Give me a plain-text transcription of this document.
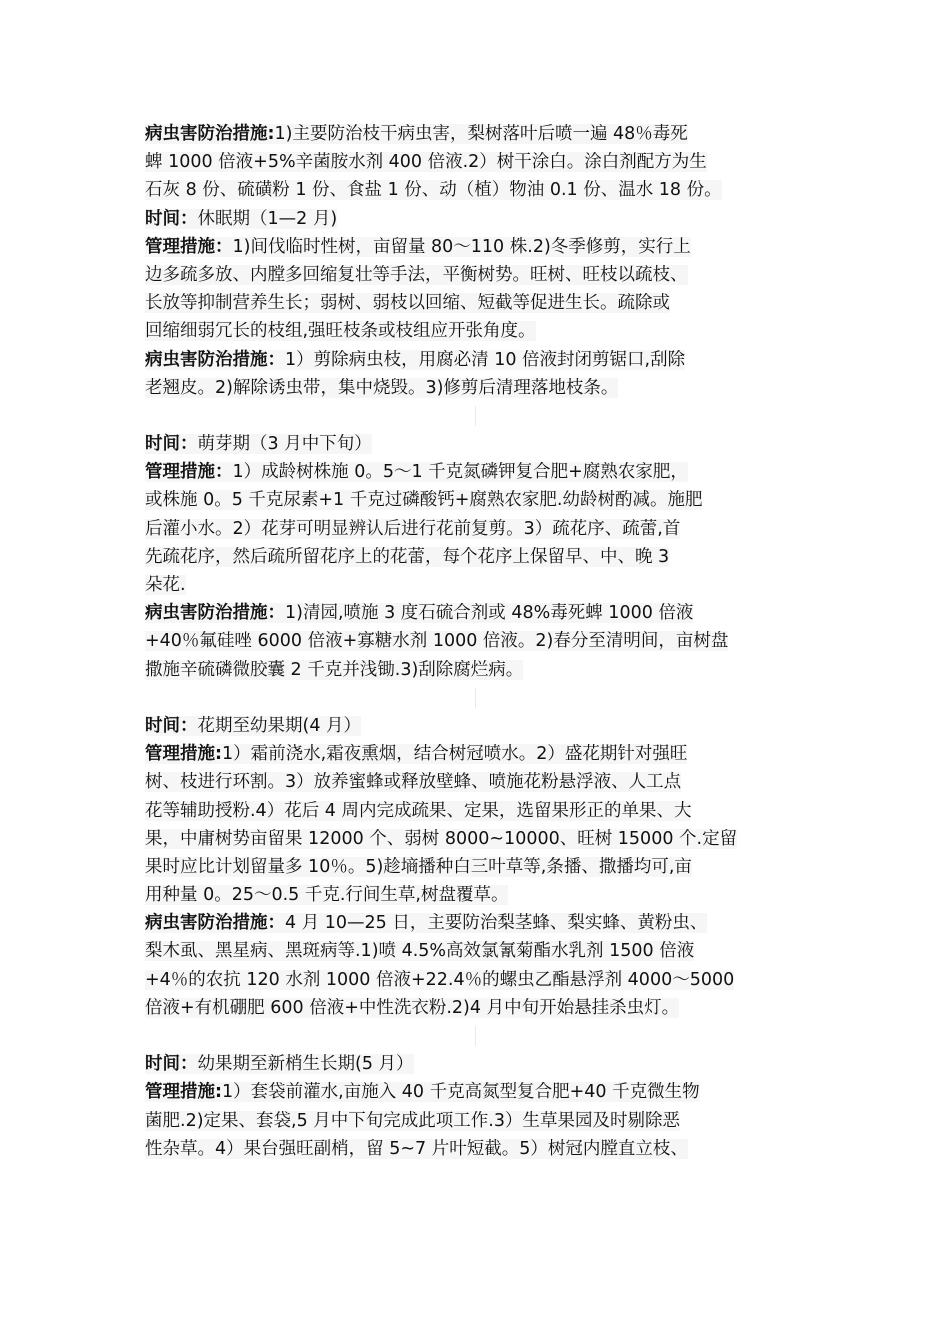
病虫害防治措施:1)主要防治枝干病虫害，梨树落叶后喷一遍 48％毒死
蜱 1000 倍液+5%辛菌胺水剂 400 倍液.2）树干涂白。涂白剂配方为生
石灰 8 份、硫磺粉 1 份、食盐 1 份、动（植）物油 0.1 份、温水 18 份。
时间：休眠期（1—2 月)
管理措施：1)间伐临时性树，亩留量 80～110 株.2)冬季修剪，实行上
边多疏多放、内膛多回缩复壮等手法，平衡树势。旺树、旺枝以疏枝、
长放等抑制营养生长；弱树、弱枝以回缩、短截等促进生长。疏除或
回缩细弱冗长的枝组,强旺枝条或枝组应开张角度。
病虫害防治措施：1）剪除病虫枝，用腐必清 10 倍液封闭剪锯口,刮除
老翘皮。2)解除诱虫带，集中烧毁。3)修剪后清理落地枝条。
时间：萌芽期（3 月中下旬）
管理措施：1）成龄树株施 0。5～1 千克氮磷钾复合肥+腐熟农家肥，
或株施 0。5 千克尿素+1 千克过磷酸钙+腐熟农家肥.幼龄树酌减。施肥
后灌小水。2）花芽可明显辨认后进行花前复剪。3）疏花序、疏蕾,首
先疏花序，然后疏所留花序上的花蕾，每个花序上保留早、中、晚 3
朵花.
病虫害防治措施：1)清园,喷施 3 度石硫合剂或 48%毒死蜱 1000 倍液
+40％氟硅唑 6000 倍液+寡糖水剂 1000 倍液。2)春分至清明间，亩树盘
撒施辛硫磷微胶囊 2 千克并浅锄.3)刮除腐烂病。
时间：花期至幼果期(4 月）
管理措施:1）霜前浇水,霜夜熏烟，结合树冠喷水。2）盛花期针对强旺
树、枝进行环割。3）放养蜜蜂或释放壁蜂、喷施花粉悬浮液、人工点
花等辅助授粉.4）花后 4 周内完成疏果、定果，选留果形正的单果、大
果，中庸树势亩留果 12000 个、弱树 8000~10000、旺树 15000 个.定留
果时应比计划留量多 10％。5)趁墒播种白三叶草等,条播、撒播均可,亩
用种量 0。25～0.5 千克.行间生草,树盘覆草。
病虫害防治措施：4 月 10—25 日，主要防治梨茎蜂、梨实蜂、黄粉虫、
梨木虱、黑星病、黑斑病等.1)喷 4.5%高效氯氰菊酯水乳剂 1500 倍液
+4％的农抗 120 水剂 1000 倍液+22.4％的螺虫乙酯悬浮剂 4000～5000
倍液+有机硼肥 600 倍液+中性洗衣粉.2)4 月中旬开始悬挂杀虫灯。
时间：幼果期至新梢生长期(5 月）
管理措施:1）套袋前灌水,亩施入 40 千克高氮型复合肥+40 千克微生物
菌肥.2)定果、套袋,5 月中下旬完成此项工作.3）生草果园及时剔除恶
性杂草。4）果台强旺副梢，留 5~7 片叶短截。5）树冠内膛直立枝、
